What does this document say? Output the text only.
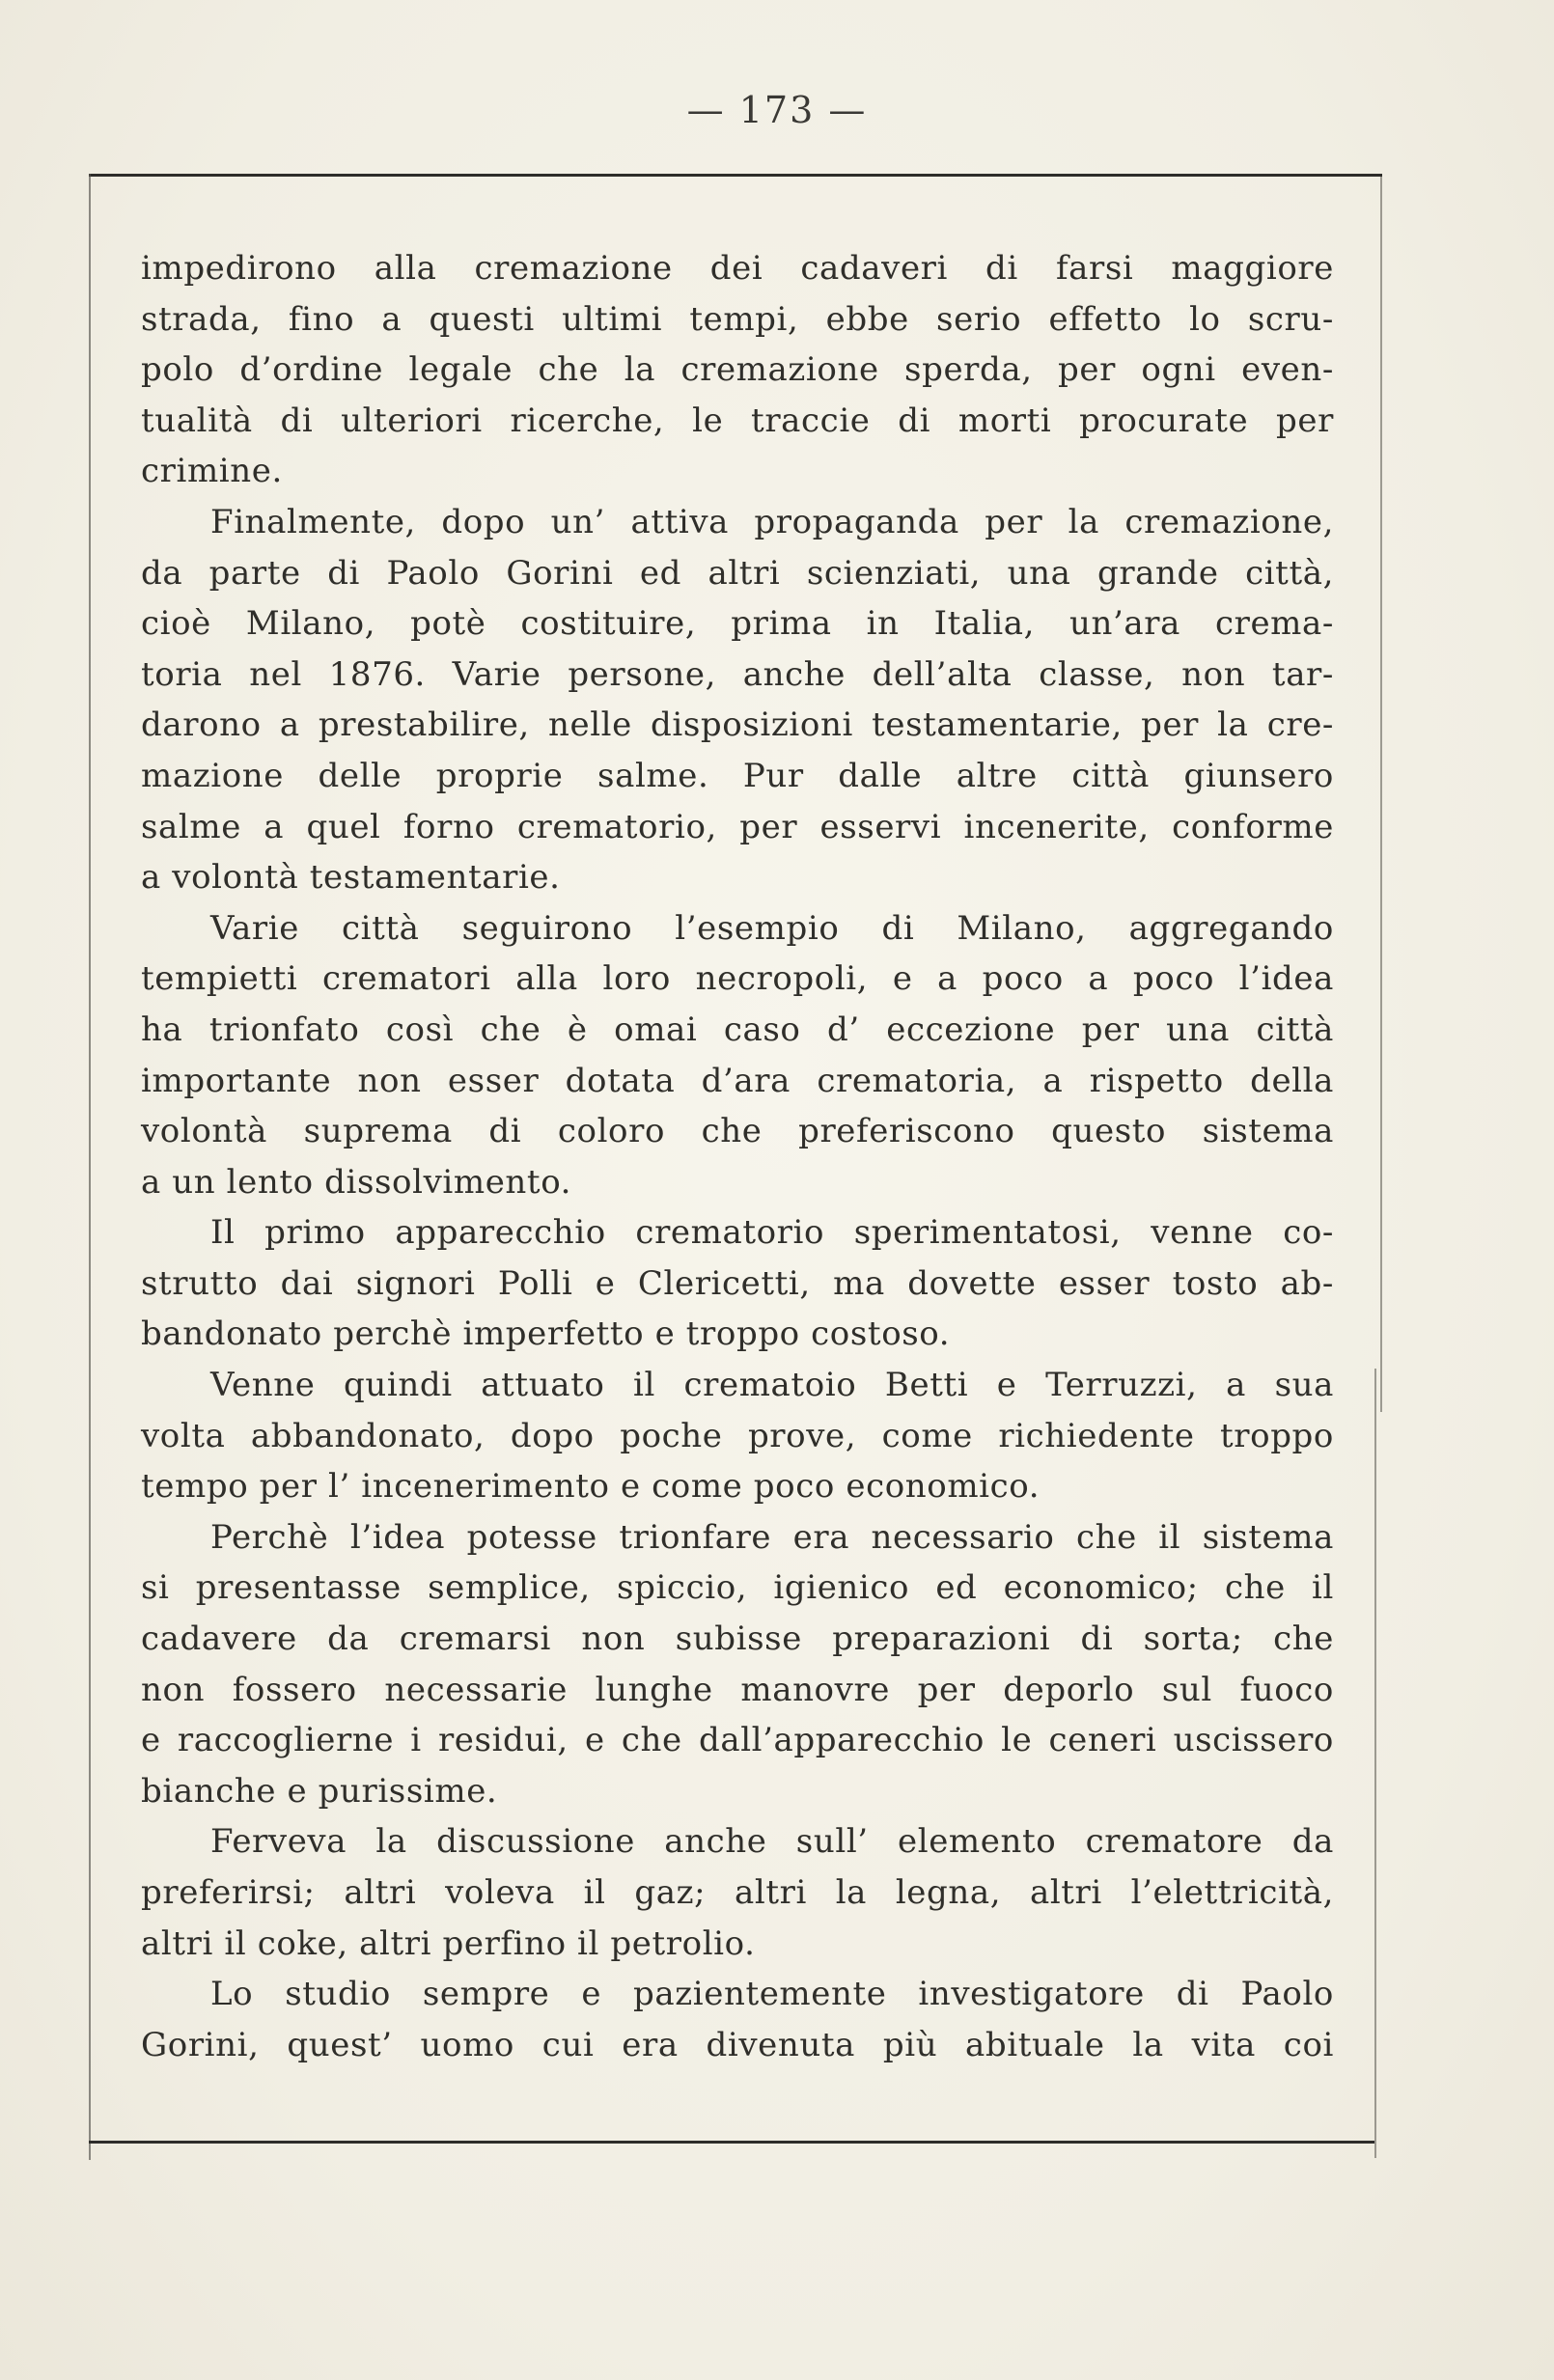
— 173 —
impedirono alla cremazione dei cadaveri di farsi maggiore
strada, fino a questi ultimi tempi, ebbe serio effetto lo scru-
polo d’ordine legale che la cremazione sperda, per ogni even-
tualità di ulteriori ricerche, le traccie di morti procurate per
crimine.
Finalmente, dopo un’ attiva propaganda per la cremazione,
da parte di Paolo Gorini ed altri scienziati, una grande città,
cioè Milano, potè costituire, prima in Italia, un’ara crema-
toria nel 1876. Varie persone, anche dell’alta classe, non tar-
darono a prestabilire, nelle disposizioni testamentarie, per la cre-
mazione delle proprie salme. Pur dalle altre città giunsero
salme a quel forno crematorio, per esservi incenerite, conforme
a volontà testamentarie.
Varie città seguirono l’esempio di Milano, aggregando
tempietti crematori alla loro necropoli, e a poco a poco l’idea
ha trionfato così che è omai caso d’ eccezione per una città
importante non esser dotata d’ara crematoria, a rispetto della
volontà suprema di coloro che preferiscono questo sistema
a un lento dissolvimento.
Il primo apparecchio crematorio sperimentatosi, venne co-
strutto dai signori Polli e Clericetti, ma dovette esser tosto ab-
bandonato perchè imperfetto e troppo costoso.
Venne quindi attuato il crematoio Betti e Terruzzi, a sua
volta abbandonato, dopo poche prove, come richiedente troppo
tempo per l’ incenerimento e come poco economico.
Perchè l’idea potesse trionfare era necessario che il sistema
si presentasse semplice, spiccio, igienico ed economico; che il
cadavere da cremarsi non subisse preparazioni di sorta; che
non fossero necessarie lunghe manovre per deporlo sul fuoco
e raccoglierne i residui, e che dall’apparecchio le ceneri uscissero
bianche e purissime.
Ferveva la discussione anche sull’ elemento crematore da
preferirsi; altri voleva il gaz; altri la legna, altri l’elettricità,
altri il coke, altri perfino il petrolio.
Lo studio sempre e pazientemente investigatore di Paolo
Gorini, quest’ uomo cui era divenuta più abituale la vita coi
